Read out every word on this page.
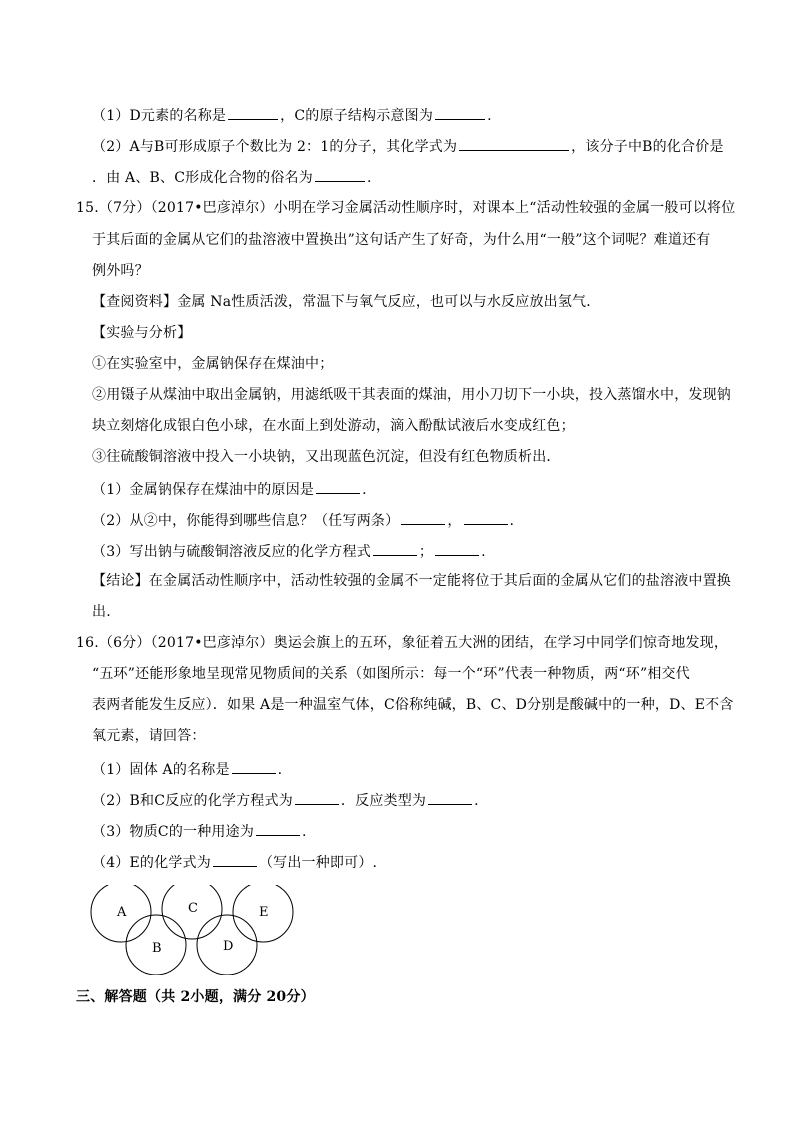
（1）D元素的名称是	，C的原子结构示意图为	.
（2）A与B可形成原子个数比为 2：1的分子，其化学式为	，该分子中B的化合价是
．由 A、B、C形成化合物的俗名为	.
15.（7分）（2017•巴彦淖尔）小明在学习金属活动性顺序时，对课本上“活动性较强的金属一般可以将位
于其后面的金属从它们的盐溶液中置换出”这句话产生了好奇，为什么用“一般”这个词呢？难道还有
例外吗？
【查阅资料】金属 Na性质活泼，常温下与氧气反应，也可以与水反应放出氢气．
【实验与分析】
①在实验室中，金属钠保存在煤油中；
②用镊子从煤油中取出金属钠，用滤纸吸干其表面的煤油，用小刀切下一小块，投入蒸馏水中，发现钠
块立刻熔化成银白色小球，在水面上到处游动，滴入酚酞试液后水变成红色；
③往硫酸铜溶液中投入一小块钠，又出现蓝色沉淀，但没有红色物质析出．
（1）金属钠保存在煤油中的原因是	.
（2）从②中，你能得到哪些信息？（任写两条）	，	.
（3）写出钠与硫酸铜溶液反应的化学方程式	；	.
【结论】在金属活动性顺序中，活动性较强的金属不一定能将位于其后面的金属从它们的盐溶液中置换
出.
16.（6分）（2017•巴彦淖尔）奥运会旗上的五环，象征着五大洲的团结，在学习中同学们惊奇地发现，
“五环”还能形象地呈现常见物质间的关系（如图所示：每一个“环”代表一种物质，两“环”相交代
表两者能发生反应）．如果 A是一种温室气体，C俗称纯碱，B、C、D分别是酸碱中的一种，D、E不含
氧元素，请回答：
（1）固体 A的名称是	.
（2）B和C反应的化学方程式为	．反应类型为	.
（3）物质C的一种用途为	.
（4）E的化学式为	（写出一种即可）.
A	C	E
B	D
三、解答题（共 2小题，满分 20分）
